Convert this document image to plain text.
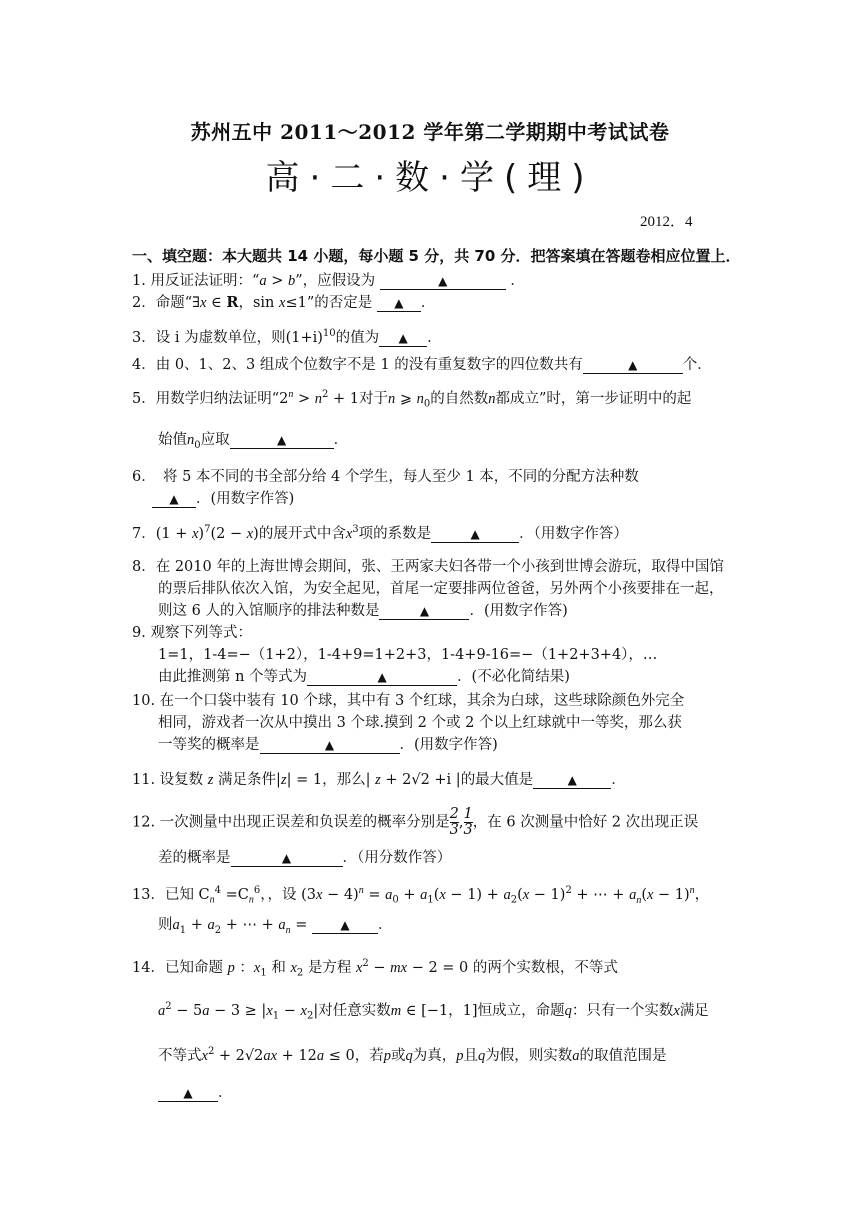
苏州五中 2011～2012 学年第二学期期中考试试卷
高·二·数·学(理)
2012．4
一、填空题：本大题共 14 小题，每小题 5 分，共 70 分．把答案填在答题卷相应位置上．
1. 用反证法证明：“a > b”，应假设为	▲	．
2．命题“∃x ∈ R，sin x≤1”的否定是 ▲ ．
3．设 i 为虚数单位，则$(1+i)^{10}$的值为 ▲ ．
4．由 0、1、2、3 组成个位数字不是 1 的没有重复数字的四位数共有	▲	个．
5．用数学归纳法证明“$2^n > n^2 + 1$对于n ⩾ $n_0$的自然数n都成立”时，第一步证明中的起
始值$n_0$应取	▲	．
6．　将 5 本不同的书全部分给 4 个学生，每人至少 1 本，不同的分配方法种数
▲ ．(用数字作答)
7．$(1 + x)^7(2 - x)$的展开式中含$x^3$项的系数是	▲	．（用数字作答）
8．在 2010 年的上海世博会期间，张、王两家夫妇各带一个小孩到世博会游玩，取得中国馆
的票后排队依次入馆，为安全起见，首尾一定要排两位爸爸，另外两个小孩要排在一起，
则这 6 人的入馆顺序的排法种数是	▲	．(用数字作答)
9. 观察下列等式：
1=1，1-4=−（1+2），1-4+9=1+2+3，1-4+9-16=−（1+2+3+4），…
由此推测第 n 个等式为	▲	．(不必化简结果)
10. 在一个口袋中装有 10 个球，其中有 3 个红球，其余为白球，这些球除颜色外完全
相同，游戏者一次从中摸出 3 个球.摸到 2 个或 2 个以上红球就中一等奖，那么获
一等奖的概率是	▲	．(用数字作答)
11. 设复数 z 满足条件|z| = 1，那么| z + 2√2 +i |的最大值是	▲ ．
12. 一次测量中出现正误差和负误差的概率分别是 $\frac{2}{3}$ , $\frac{1}{3}$ ，在 6 次测量中恰好 2 次出现正误
差的概率是	▲	．（用分数作答）
13．已知 $C_n^4 =C_n^6$，，设 $(3x - 4)^n = a_0 + a_1(x - 1) + a_2(x - 1)^2$ + ⋯ + $a_n(x - 1)^n$，
则$a_1 + a_2$ + ⋯ + $a_n$ = ▲ ．
14．已知命题 p ：$x_1$ 和 $x_2$ 是方程 $x^2$ − mx − 2 = 0 的两个实数根，不等式
$a^2 - 5a - 3 \ge |x_1 - x_2|$对任意实数m ∈ [−1，1]恒成立，命题q：只有一个实数x满足
不等式$x^2 + 2√2ax + 12a \le 0$，若p或q为真，p且q为假，则实数a的取值范围是
▲ ．
